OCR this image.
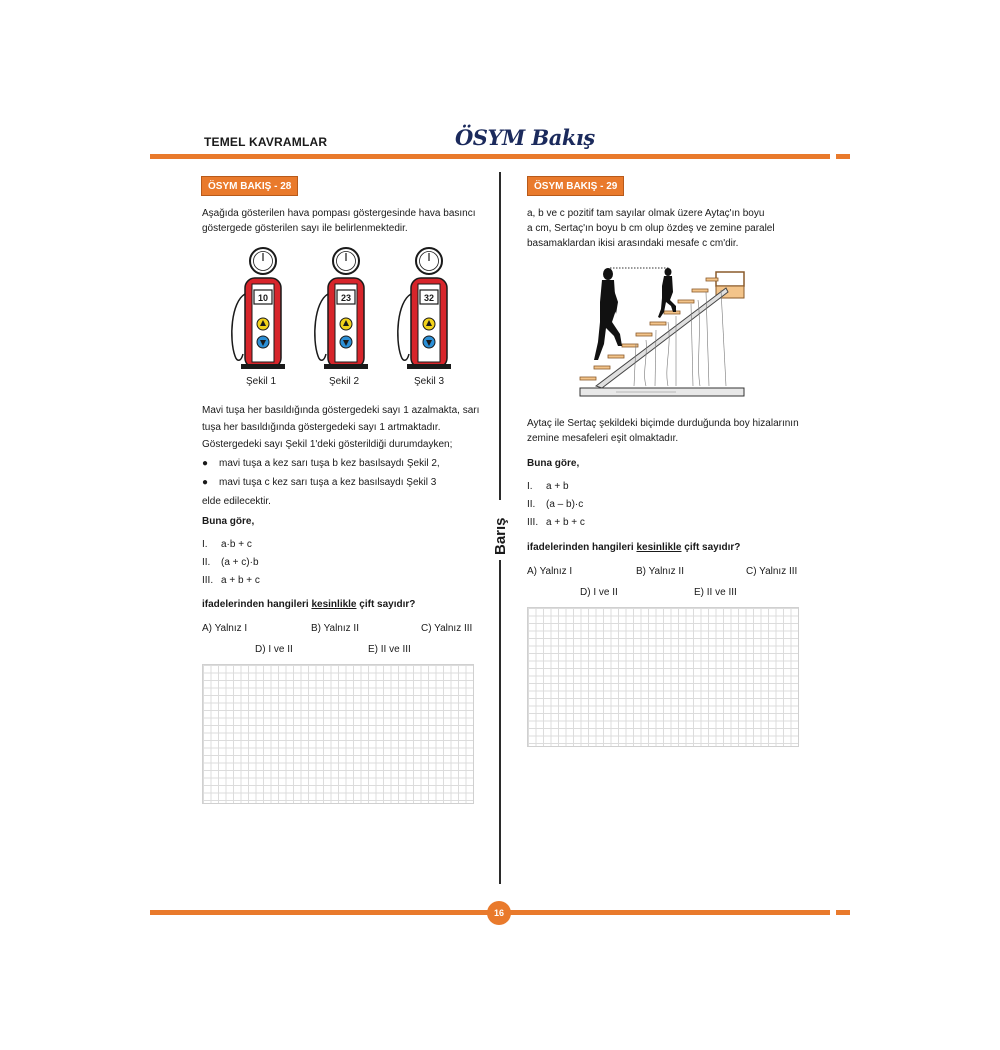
TEMEL KAVRAMLAR	ÖSYM Bakış
Barış
ÖSYM BAKIŞ - 28
Aşağıda gösterilen hava pompası göstergesinde hava basıncı
göstergede gösterilen sayı ile belirlenmektedir.
10	23	32
Şekil 1	Şekil 2	Şekil 3
Mavi tuşa her basıldığında göstergedeki sayı 1 azalmakta, sarı
tuşa her basıldığında göstergedeki sayı 1 artmaktadır.
Göstergedeki sayı Şekil 1'deki gösterildiği durumdayken;
● mavi tuşa a kez sarı tuşa b kez basılsaydı Şekil 2,
● mavi tuşa c kez sarı tuşa a kez basılsaydı Şekil 3
elde edilecektir.
Buna göre,
I. a·b + c
II. (a + c)·b
III. a + b + c
ifadelerinden hangileri kesinlikle çift sayıdır?
A) Yalnız I	B) Yalnız II	C) Yalnız III
D) I ve II	E) II ve III
ÖSYM BAKIŞ - 29
a, b ve c pozitif tam sayılar olmak üzere Aytaç'ın boyu
a cm, Sertaç'ın boyu b cm olup özdeş ve zemine paralel
basamaklardan ikisi arasındaki mesafe c cm'dir.
Aytaç ile Sertaç şekildeki biçimde durduğunda boy hizalarının
zemine mesafeleri eşit olmaktadır.
Buna göre,
I. a + b
II. (a – b)·c
III. a + b + c
ifadelerinden hangileri kesinlikle çift sayıdır?
A) Yalnız I	B) Yalnız II	C) Yalnız III
D) I ve II	E) II ve III
16
